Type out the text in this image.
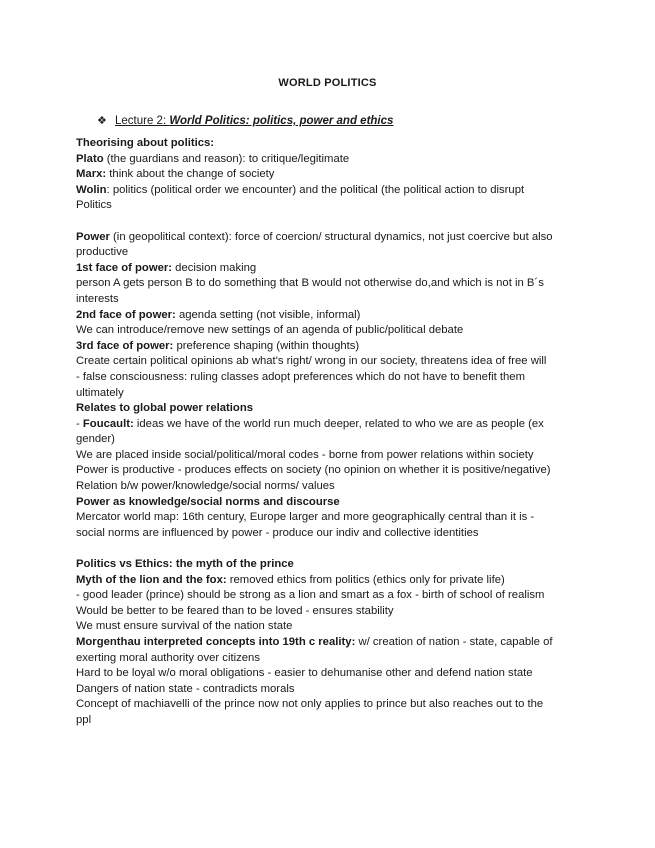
WORLD POLITICS
❖ Lecture 2: World Politics: politics, power and ethics
Theorising about politics:
Plato (the guardians and reason): to critique/legitimate
Marx: think about the change of society
Wolin: politics (political order we encounter) and the political (the political action to disrupt
Politics
Power (in geopolitical context): force of coercion/ structural dynamics, not just coercive but also
productive
1st face of power: decision making
person A gets person B to do something that B would not otherwise do,and which is not in B´s
interests
2nd face of power: agenda setting (not visible, informal)
We can introduce/remove new settings of an agenda of public/political debate
3rd face of power: preference shaping (within thoughts)
Create certain political opinions ab what's right/ wrong in our society, threatens idea of free will
- false consciousness: ruling classes adopt preferences which do not have to benefit them
ultimately
Relates to global power relations
- Foucault: ideas we have of the world run much deeper, related to who we are as people (ex
gender)
We are placed inside social/political/moral codes - borne from power relations within society
Power is productive - produces effects on society (no opinion on whether it is positive/negative)
Relation b/w power/knowledge/social norms/ values
Power as knowledge/social norms and discourse
Mercator world map: 16th century, Europe larger and more geographically central than it is -
social norms are influenced by power - produce our indiv and collective identities
Politics vs Ethics: the myth of the prince
Myth of the lion and the fox: removed ethics from politics (ethics only for private life)
- good leader (prince) should be strong as a lion and smart as a fox - birth of school of realism
Would be better to be feared than to be loved - ensures stability
We must ensure survival of the nation state
Morgenthau interpreted concepts into 19th c reality: w/ creation of nation - state, capable of
exerting moral authority over citizens
Hard to be loyal w/o moral obligations - easier to dehumanise other and defend nation state
Dangers of nation state - contradicts morals
Concept of machiavelli of the prince now not only applies to prince but also reaches out to the
ppl
